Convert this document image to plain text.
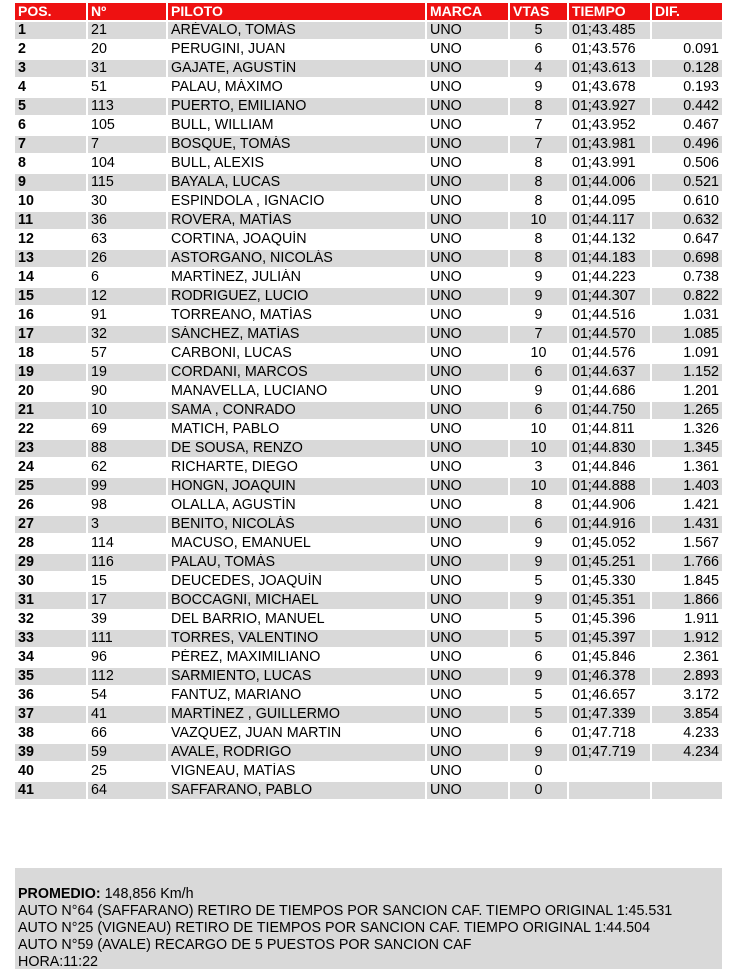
POS.	Nº	PILOTO	MARCA	VTAS	TIEMPO	DIF.
1	21	ARÉVALO, TOMÁS	UNO	5	01;43.485	
2	20	PERUGINI, JUAN	UNO	6	01;43.576	0.091
3	31	GAJATE, AGUSTÍN	UNO	4	01;43.613	0.128
4	51	PALAU, MÁXIMO	UNO	9	01;43.678	0.193
5	113	PUERTO, EMILIANO	UNO	8	01;43.927	0.442
6	105	BULL, WILLIAM	UNO	7	01;43.952	0.467
7	7	BOSQUE, TOMÁS	UNO	7	01;43.981	0.496
8	104	BULL, ALEXIS	UNO	8	01;43.991	0.506
9	115	BAYALA, LUCAS	UNO	8	01;44.006	0.521
10	30	ESPINDOLA , IGNACIO	UNO	8	01;44.095	0.610
11	36	ROVERA, MATÍAS	UNO	10	01;44.117	0.632
12	63	CORTINA, JOAQUÍN	UNO	8	01;44.132	0.647
13	26	ASTORGANO, NICOLÁS	UNO	8	01;44.183	0.698
14	6	MARTÍNEZ, JULIÁN	UNO	9	01;44.223	0.738
15	12	RODRIGUEZ, LUCIO	UNO	9	01;44.307	0.822
16	91	TORREANO, MATÍAS	UNO	9	01;44.516	1.031
17	32	SÁNCHEZ, MATÍAS	UNO	7	01;44.570	1.085
18	57	CARBONI, LUCAS	UNO	10	01;44.576	1.091
19	19	CORDANI, MARCOS	UNO	6	01;44.637	1.152
20	90	MANAVELLA, LUCIANO	UNO	9	01;44.686	1.201
21	10	SAMA , CONRADO	UNO	6	01;44.750	1.265
22	69	MATICH, PABLO	UNO	10	01;44.811	1.326
23	88	DE SOUSA, RENZO	UNO	10	01;44.830	1.345
24	62	RICHARTE, DIEGO	UNO	3	01;44.846	1.361
25	99	HONGN, JOAQUIN	UNO	10	01;44.888	1.403
26	98	OLALLA, AGUSTÍN	UNO	8	01;44.906	1.421
27	3	BENITO, NICOLÁS	UNO	6	01;44.916	1.431
28	114	MACUSO, EMANUEL	UNO	9	01;45.052	1.567
29	116	PALAU, TOMÁS	UNO	9	01;45.251	1.766
30	15	DEUCEDES, JOAQUÍN	UNO	5	01;45.330	1.845
31	17	BOCCAGNI, MICHAEL	UNO	9	01;45.351	1.866
32	39	DEL BARRIO, MANUEL	UNO	5	01;45.396	1.911
33	111	TORRES, VALENTINO	UNO	5	01;45.397	1.912
34	96	PÉREZ, MAXIMILIANO	UNO	6	01;45.846	2.361
35	112	SARMIENTO, LUCAS	UNO	9	01;46.378	2.893
36	54	FANTUZ, MARIANO	UNO	5	01;46.657	3.172
37	41	MARTÍNEZ , GUILLERMO	UNO	5	01;47.339	3.854
38	66	VAZQUEZ, JUAN MARTIN	UNO	6	01;47.718	4.233
39	59	AVALE, RODRIGO	UNO	9	01;47.719	4.234
40	25	VIGNEAU, MATÍAS	UNO	0		
41	64	SAFFARANO, PABLO	UNO	0		
PROMEDIO: 148,856 Km/h
AUTO N°64 (SAFFARANO) RETIRO DE TIEMPOS POR SANCION CAF. TIEMPO ORIGINAL 1:45.531
AUTO N°25 (VIGNEAU) RETIRO DE TIEMPOS POR SANCION CAF. TIEMPO ORIGINAL 1:44.504
AUTO N°59 (AVALE) RECARGO DE 5 PUESTOS POR SANCION CAF
HORA:11:22
